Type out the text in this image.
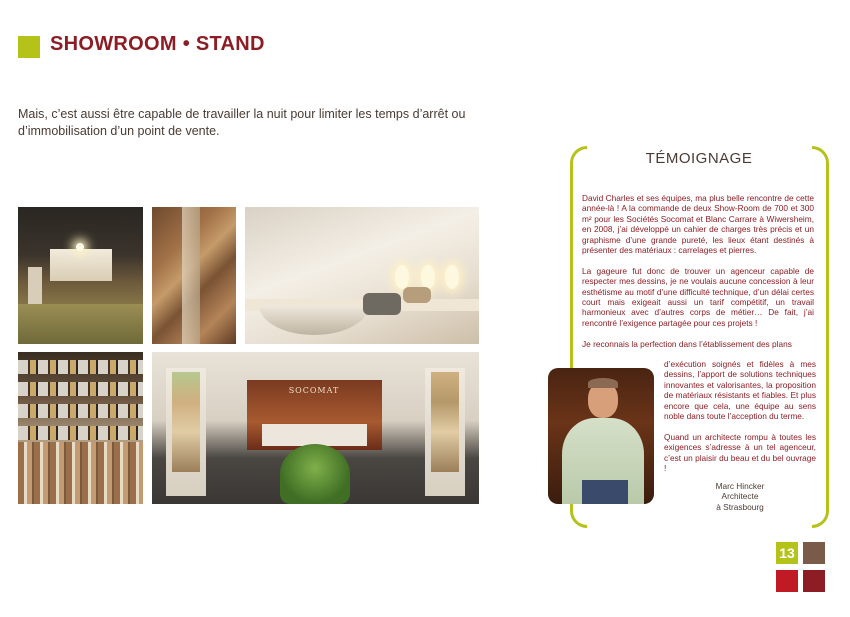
SHOWROOM • STAND
Mais, c’est aussi être capable de travailler la nuit pour limiter les temps d’arrêt ou d’immobilisation d’un point de vente.
SOCOMAT
TÉMOIGNAGE

David Charles et ses équipes, ma plus belle rencontre de cette année-là ! A la commande de deux Show-Room de 700 et 300 m² pour les Sociétés Socomat et Blanc Carrare à Wiwersheim, en 2008, j’ai développé un cahier de charges très précis et un graphisme d’une grande pureté, les lieux étant destinés à présenter des matériaux : carrelages et pierres.

La gageure fut donc de trouver un agenceur capable de respecter mes dessins, je ne voulais aucune concession à leur esthétisme au motif d’une difficulté technique, d’un délai certes court mais exigeait aussi un tarif compétitif, un travail harmonieux avec d’autres corps de métier… De fait, j’ai rencontré l’exigence partagée pour ces projets !

Je reconnais la perfection dans l’établissement des plans

d’exécution soignés et fidèles à mes dessins, l’apport de solutions techniques innovantes et valorisantes, la proposition de matériaux résistants et fiables. Et plus encore que cela, une équipe au sens noble dans toute l’acception du terme.

Quand un architecte rompu à toutes les exigences s’adresse à un tel agenceur, c’est un plaisir du beau et du bel ouvrage !

Marc Hincker
Architecte
à Strasbourg
13
